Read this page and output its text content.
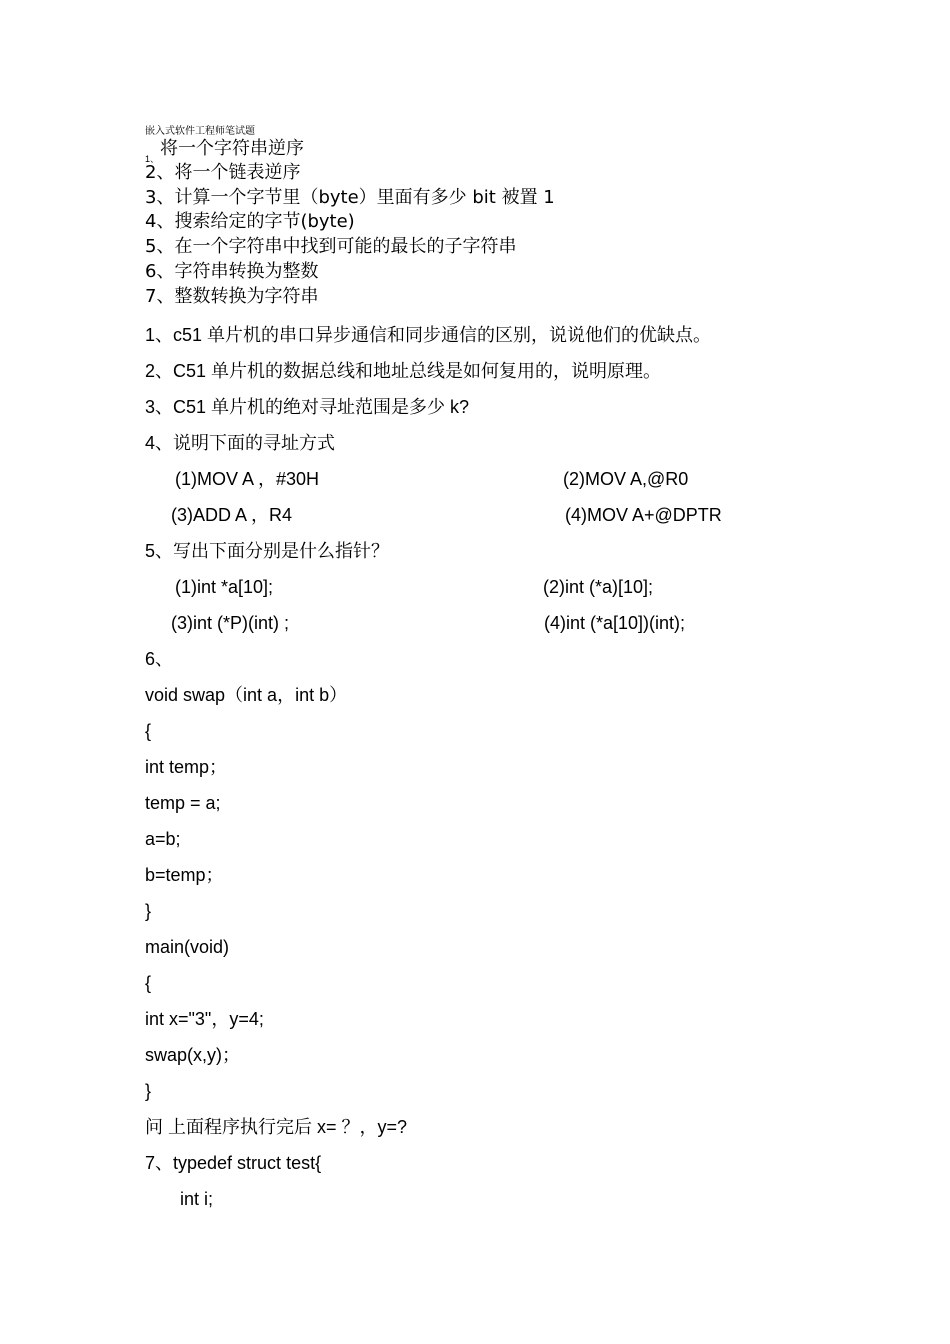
嵌入式软件工程师笔试题
1、 将一个字符串逆序
2、将一个链表逆序
3、计算一个字节里（byte）里面有多少 bit 被置 1
4、搜索给定的字节(byte)
5、在一个字符串中找到可能的最长的子字符串
6、字符串转换为整数
7、整数转换为字符串
1、c51 单片机的串口异步通信和同步通信的区别，说说他们的优缺点。
2、C51 单片机的数据总线和地址总线是如何复用的，说明原理。
3、C51 单片机的绝对寻址范围是多少 k?
4、说明下面的寻址方式
(1)MOV A ，#30H	(2)MOV A,@R0
(3)ADD A ，R4	(4)MOV A+@DPTR
5、写出下面分别是什么指针？
(1)int *a[10];	(2)int (*a)[10];
(3)int (*P)(int) ;	(4)int (*a[10])(int);
6、
void swap（int a，int b）
{
int temp；
temp = a;
a=b;
b=temp；
}
main(void)
{
int x="3"，y=4;
swap(x,y)；
}
问 上面程序执行完后 x= ？，y=?
7、typedef struct test{
int i;
